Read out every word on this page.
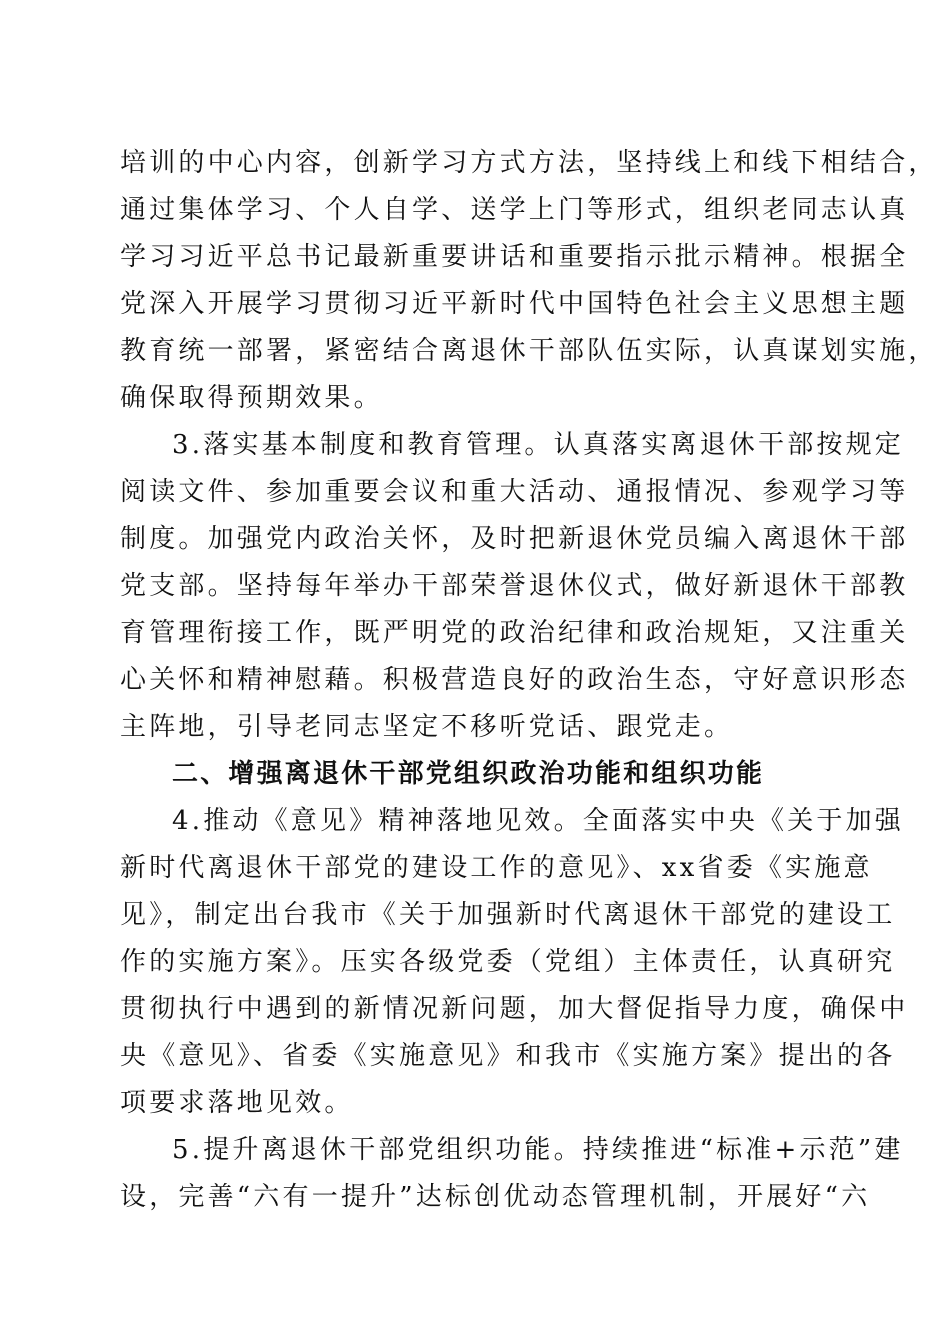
培训的中心内容，创新学习方式方法，坚持线上和线下相结合，
通过集体学习、个人自学、送学上门等形式，组织老同志认真
学习习近平总书记最新重要讲话和重要指示批示精神。根据全
党深入开展学习贯彻习近平新时代中国特色社会主义思想主题
教育统一部署，紧密结合离退休干部队伍实际，认真谋划实施，
确保取得预期效果。
3.落实基本制度和教育管理。认真落实离退休干部按规定
阅读文件、参加重要会议和重大活动、通报情况、参观学习等
制度。加强党内政治关怀，及时把新退休党员编入离退休干部
党支部。坚持每年举办干部荣誉退休仪式，做好新退休干部教
育管理衔接工作，既严明党的政治纪律和政治规矩，又注重关
心关怀和精神慰藉。积极营造良好的政治生态，守好意识形态
主阵地，引导老同志坚定不移听党话、跟党走。
二、增强离退休干部党组织政治功能和组织功能
4.推动《意见》精神落地见效。全面落实中央《关于加强
新时代离退休干部党的建设工作的意见》、xx省委《实施意
见》，制定出台我市《关于加强新时代离退休干部党的建设工
作的实施方案》。压实各级党委（党组）主体责任，认真研究
贯彻执行中遇到的新情况新问题，加大督促指导力度，确保中
央《意见》、省委《实施意见》和我市《实施方案》提出的各
项要求落地见效。
5.提升离退休干部党组织功能。持续推进“标准+示范”建
设，完善“六有一提升”达标创优动态管理机制，开展好“六
